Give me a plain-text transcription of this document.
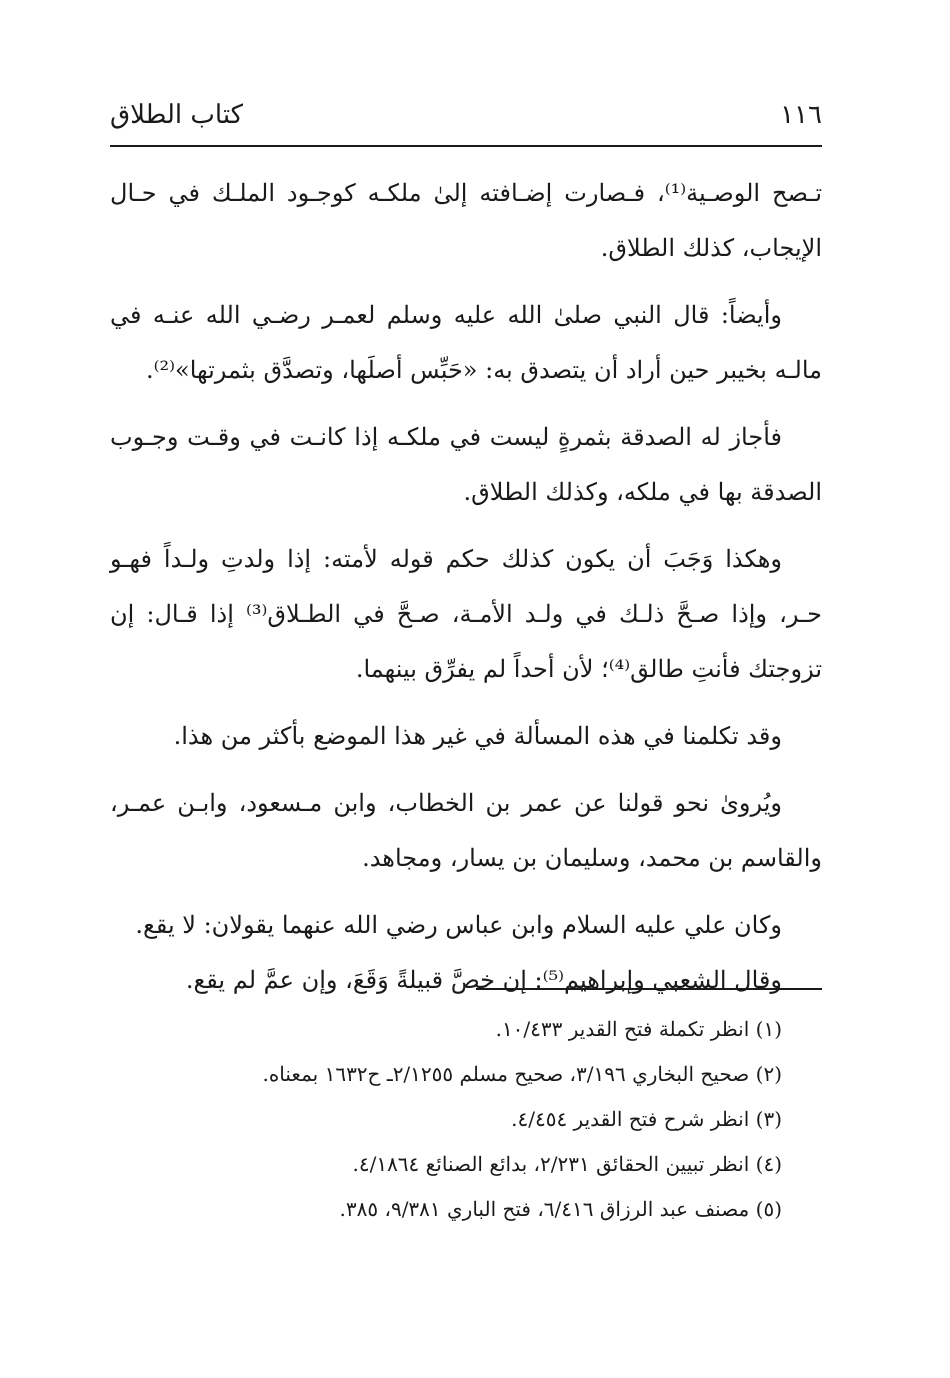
١١٦
كتاب الطلاق

تـصح الوصـية⁽¹⁾، فـصارت إضـافته إلىٰ ملكـه كوجـود الملـك في حـال الإيجاب، كذلك الطلاق.

وأيضاً: قال النبي صلىٰ الله عليه وسلم لعمـر رضـي الله عنـه في مالـه بخيبر حين أراد أن يتصدق به: «حَبِّس أصلَها، وتصدَّق بثمرتها»⁽²⁾.

فأجاز له الصدقة بثمرةٍ ليست في ملكـه إذا كانـت في وقـت وجـوب الصدقة بها في ملكه، وكذلك الطلاق.

وهكذا وَجَبَ أن يكون كذلك حكم قوله لأمته: إذا ولدتِ ولـداً فهـو حـر، وإذا صـحَّ ذلـك في ولـد الأمـة، صـحَّ في الطـلاق⁽³⁾ إذا قـال: إن تزوجتك فأنتِ طالق⁽⁴⁾؛ لأن أحداً لم يفرِّق بينهما.

وقد تكلمنا في هذه المسألة في غير هذا الموضع بأكثر من هذا.

ويُروىٰ نحو قولنا عن عمر بن الخطاب، وابن مـسعود، وابـن عمـر، والقاسم بن محمد، وسليمان بن يسار، ومجاهد.

وكان علي عليه السلام وابن عباس رضي الله عنهما يقولان: لا يقع.

وقال الشعبي وإبراهيم⁽⁵⁾: إن خصَّ قبيلةً وَقَعَ، وإن عمَّ لم يقع.

(١) انظر تكملة فتح القدير ١٠/٤٣٣.

(٢) صحيح البخاري ٣/١٩٦، صحيح مسلم ٢/١٢٥٥ـ ح١٦٣٢ بمعناه.

(٣) انظر شرح فتح القدير ٤/٤٥٤.

(٤) انظر تبيين الحقائق ٢/٢٣١، بدائع الصنائع ٤/١٨٦٤.

(٥) مصنف عبد الرزاق ٦/٤١٦، فتح الباري ٩/٣٨١، ٣٨٥.
